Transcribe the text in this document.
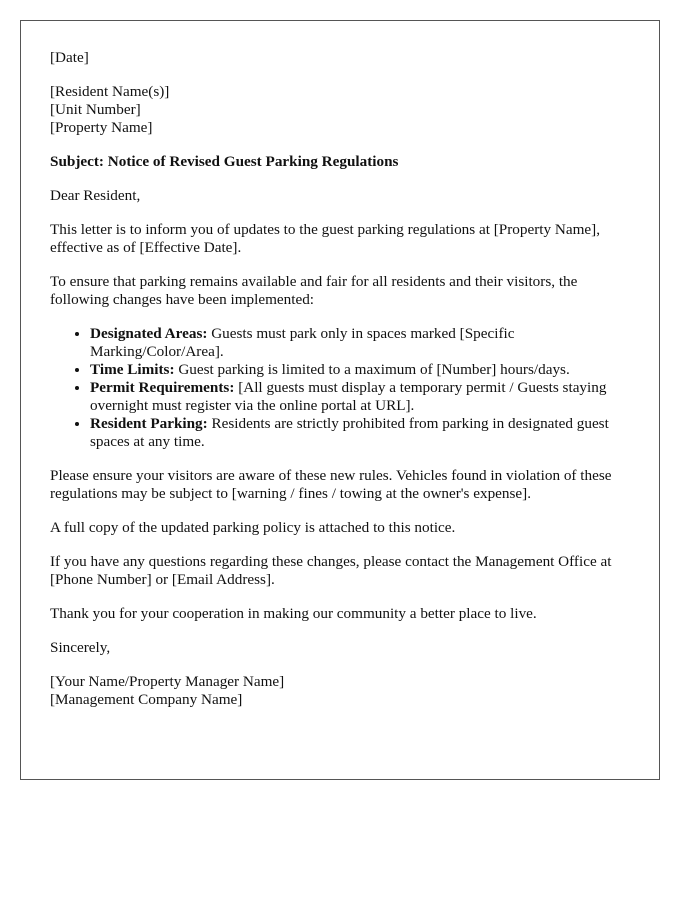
[Date]

[Resident Name(s)]
[Unit Number]
[Property Name]

Subject: Notice of Revised Guest Parking Regulations

Dear Resident,

This letter is to inform you of updates to the guest parking regulations at [Property Name], effective as of [Effective Date].

To ensure that parking remains available and fair for all residents and their visitors, the following changes have been implemented:

• Designated Areas: Guests must park only in spaces marked [Specific Marking/Color/Area].
• Time Limits: Guest parking is limited to a maximum of [Number] hours/days.
• Permit Requirements: [All guests must display a temporary permit / Guests staying overnight must register via the online portal at URL].
• Resident Parking: Residents are strictly prohibited from parking in designated guest spaces at any time.

Please ensure your visitors are aware of these new rules. Vehicles found in violation of these regulations may be subject to [warning / fines / towing at the owner's expense].

A full copy of the updated parking policy is attached to this notice.

If you have any questions regarding these changes, please contact the Management Office at [Phone Number] or [Email Address].

Thank you for your cooperation in making our community a better place to live.

Sincerely,

[Your Name/Property Manager Name]
[Management Company Name]
